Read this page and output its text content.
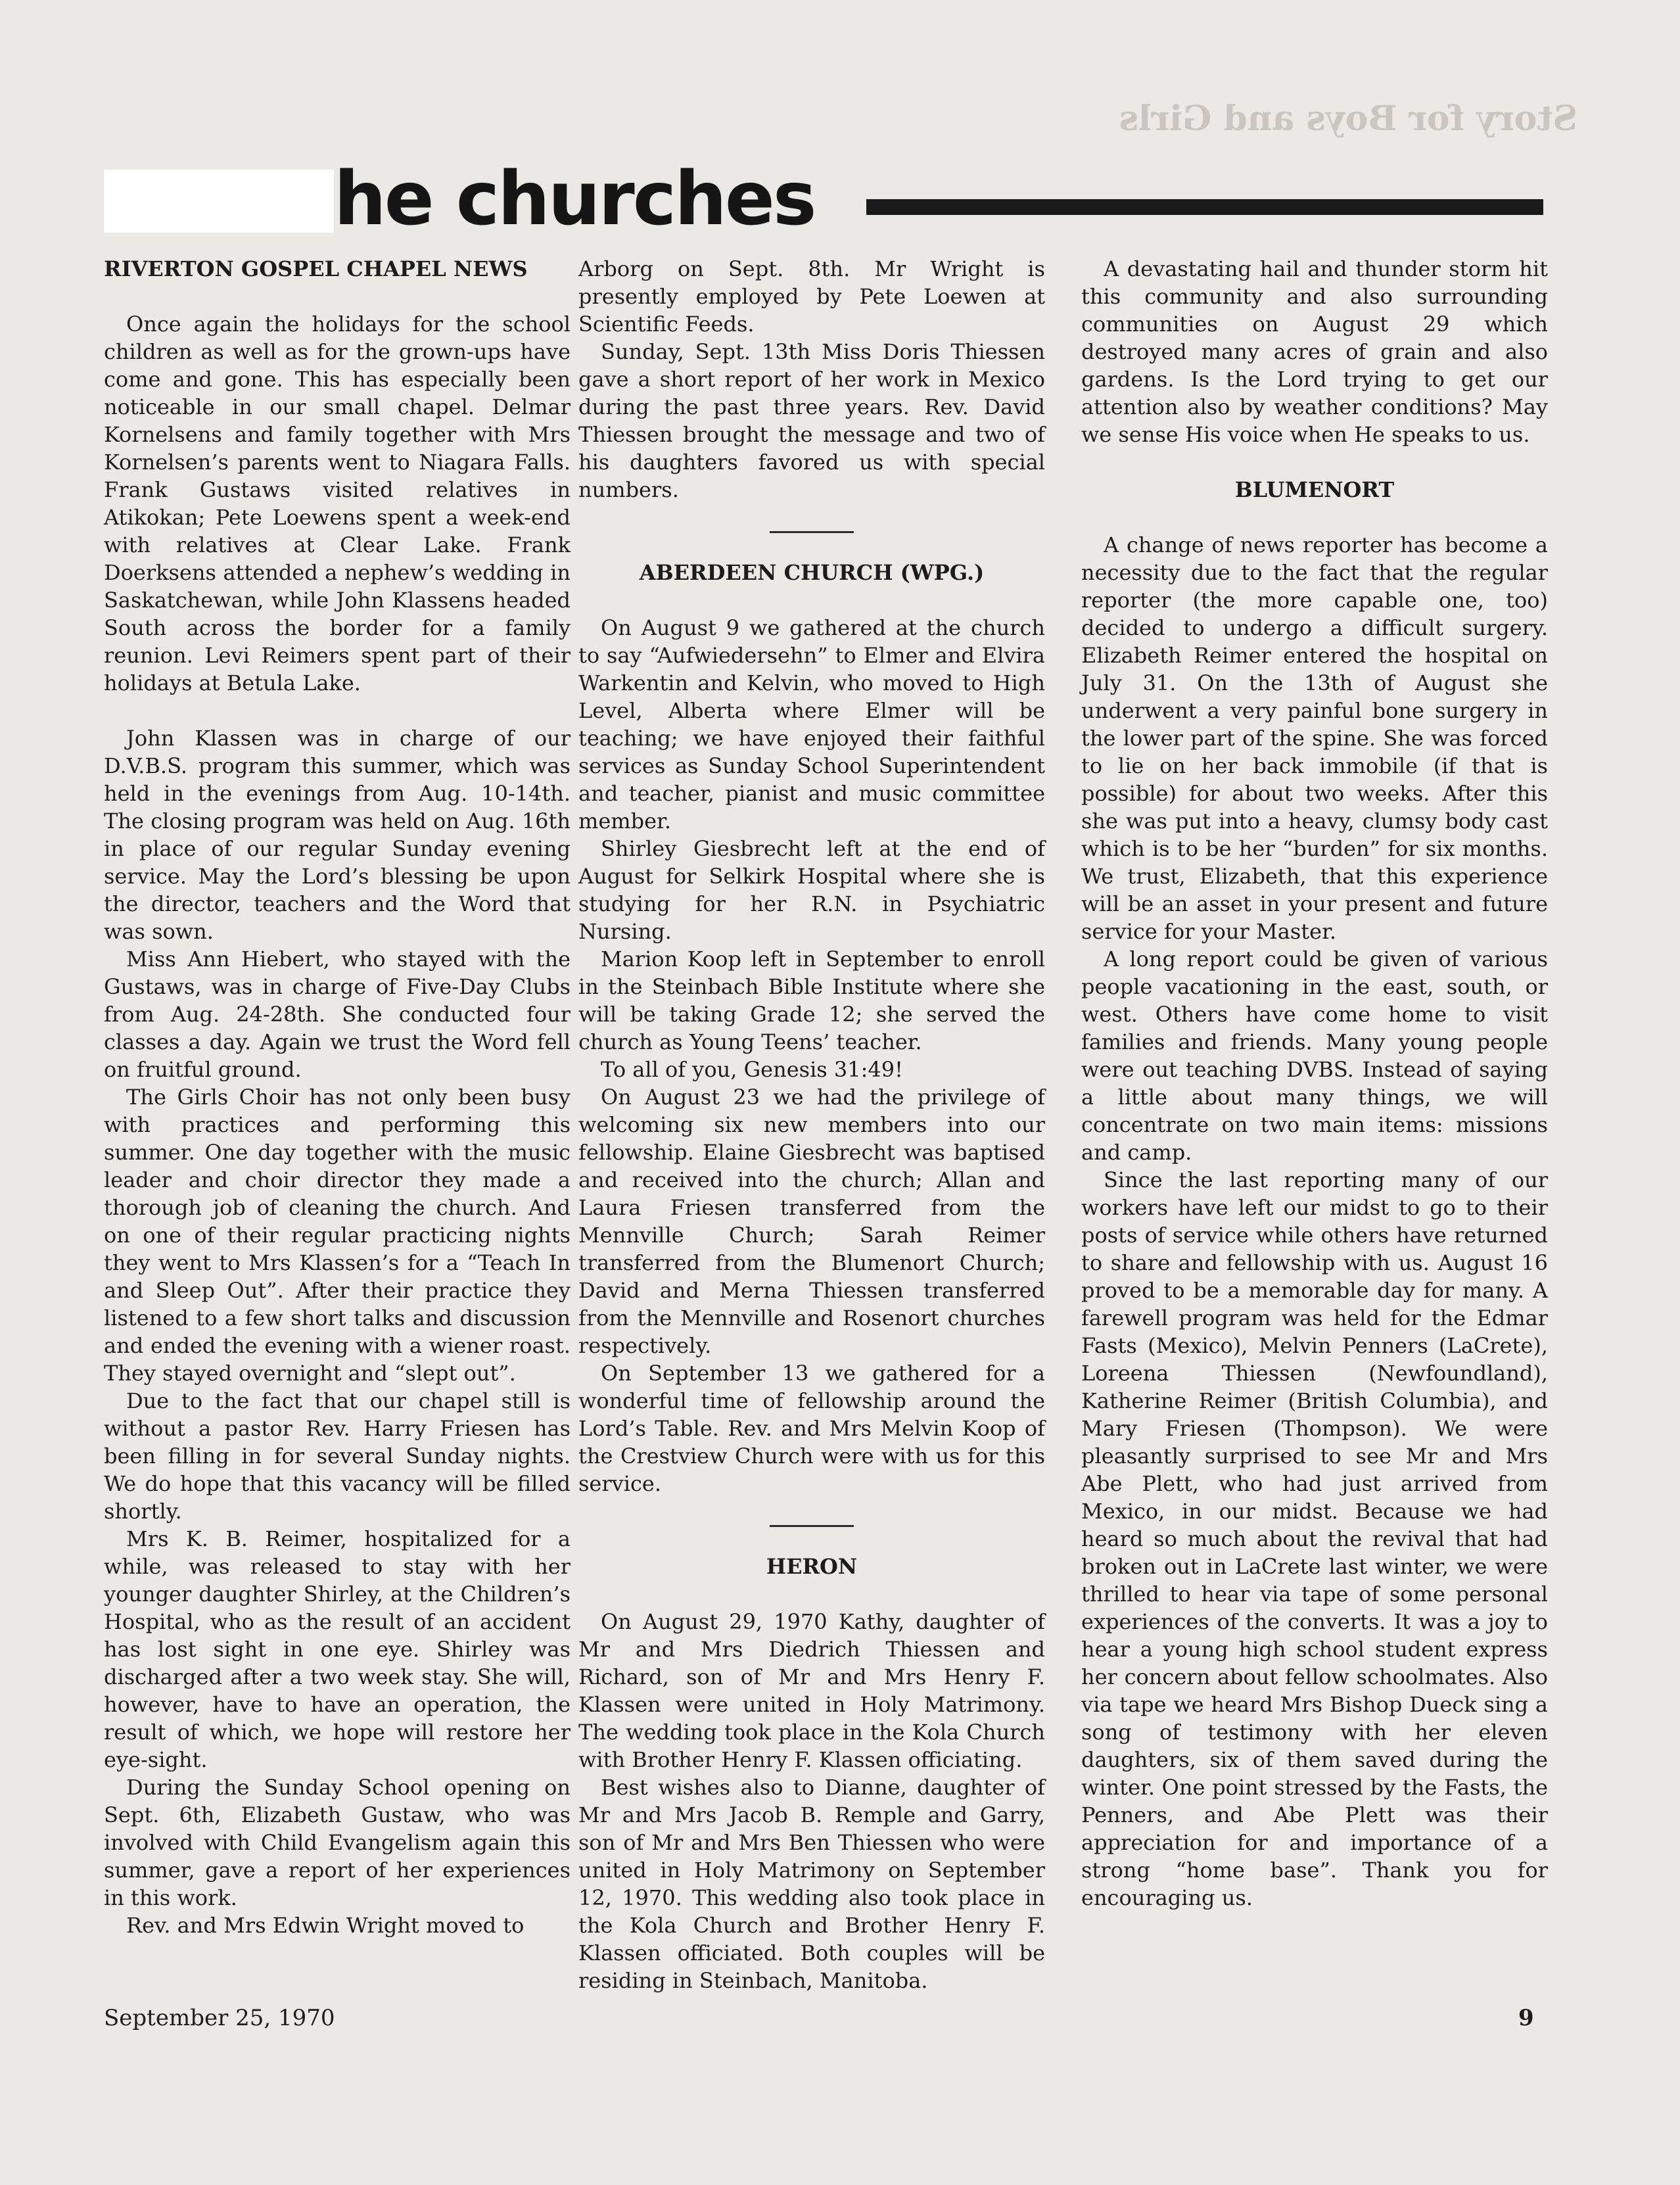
Story for Boys and Girls
he churches
RIVERTON GOSPEL CHAPEL NEWS

Once again the holidays for the school children as well as for the grown-ups have come and gone. This has especially been noticeable in our small chapel. Delmar Kornelsens and family together with Mrs Kornelsen’s parents went to Niagara Falls. Frank Gustaws visited relatives in Atikokan; Pete Loewens spent a week-end with relatives at Clear Lake. Frank Doerksens attended a nephew’s wedding in Saskatchewan, while John Klassens headed South across the border for a family reunion. Levi Reimers spent part of their holidays at Betula Lake.

John Klassen was in charge of our D.V.B.S. program this summer, which was held in the evenings from Aug. 10-14th. The closing program was held on Aug. 16th in place of our regular Sunday evening service. May the Lord’s blessing be upon the director, teachers and the Word that was sown.

Miss Ann Hiebert, who stayed with the Gustaws, was in charge of Five-Day Clubs from Aug. 24-28th. She conducted four classes a day. Again we trust the Word fell on fruitful ground.

The Girls Choir has not only been busy with practices and performing this summer. One day together with the music leader and choir director they made a thorough job of cleaning the church. And on one of their regular practicing nights they went to Mrs Klassen’s for a “Teach In and Sleep Out”. After their practice they listened to a few short talks and discussion and ended the evening with a wiener roast. They stayed overnight and “slept out”.

Due to the fact that our chapel still is without a pastor Rev. Harry Friesen has been filling in for several Sunday nights. We do hope that this vacancy will be filled shortly.

Mrs K. B. Reimer, hospitalized for a while, was released to stay with her younger daughter Shirley, at the Children’s Hospital, who as the result of an accident has lost sight in one eye. Shirley was discharged after a two week stay. She will, however, have to have an operation, the result of which, we hope will restore her eye-sight.

During the Sunday School opening on Sept. 6th, Elizabeth Gustaw, who was involved with Child Evangelism again this summer, gave a report of her experiences in this work.

Rev. and Mrs Edwin Wright moved to

Arborg on Sept. 8th. Mr Wright is presently employed by Pete Loewen at Scientific Feeds.

Sunday, Sept. 13th Miss Doris Thiessen gave a short report of her work in Mexico during the past three years. Rev. David Thiessen brought the message and two of his daughters favored us with special numbers.

ABERDEEN CHURCH (WPG.)

On August 9 we gathered at the church to say “Aufwiedersehn” to Elmer and Elvira Warkentin and Kelvin, who moved to High Level, Alberta where Elmer will be teaching; we have enjoyed their faithful services as Sunday School Superintendent and teacher, pianist and music committee member.

Shirley Giesbrecht left at the end of August for Selkirk Hospital where she is studying for her R.N. in Psychiatric Nursing.

Marion Koop left in September to enroll in the Steinbach Bible Institute where she will be taking Grade 12; she served the church as Young Teens’ teacher.

To all of you, Genesis 31:49!

On August 23 we had the privilege of welcoming six new members into our fellowship. Elaine Giesbrecht was baptised and received into the church; Allan and Laura Friesen transferred from the Mennville Church; Sarah Reimer transferred from the Blumenort Church; David and Merna Thiessen transferred from the Mennville and Rosenort churches respectively.

On September 13 we gathered for a wonderful time of fellowship around the Lord’s Table. Rev. and Mrs Melvin Koop of the Crestview Church were with us for this service.

HERON

On August 29, 1970 Kathy, daughter of Mr and Mrs Diedrich Thiessen and Richard, son of Mr and Mrs Henry F. Klassen were united in Holy Matrimony. The wedding took place in the Kola Church with Brother Henry F. Klassen officiating.

Best wishes also to Dianne, daughter of Mr and Mrs Jacob B. Remple and Garry, son of Mr and Mrs Ben Thiessen who were united in Holy Matrimony on September 12, 1970. This wedding also took place in the Kola Church and Brother Henry F. Klassen officiated. Both couples will be residing in Steinbach, Manitoba.

A devastating hail and thunder storm hit this community and also surrounding communities on August 29 which destroyed many acres of grain and also gardens. Is the Lord trying to get our attention also by weather conditions? May we sense His voice when He speaks to us.

BLUMENORT

A change of news reporter has become a necessity due to the fact that the regular reporter (the more capable one, too) decided to undergo a difficult surgery. Elizabeth Reimer entered the hospital on July 31. On the 13th of August she underwent a very painful bone surgery in the lower part of the spine. She was forced to lie on her back immobile (if that is possible) for about two weeks. After this she was put into a heavy, clumsy body cast which is to be her “burden” for six months. We trust, Elizabeth, that this experience will be an asset in your present and future service for your Master.

A long report could be given of various people vacationing in the east, south, or west. Others have come home to visit families and friends. Many young people were out teaching DVBS. Instead of saying a little about many things, we will concentrate on two main items: missions and camp.

Since the last reporting many of our workers have left our midst to go to their posts of service while others have returned to share and fellowship with us. August 16 proved to be a memorable day for many. A farewell program was held for the Edmar Fasts (Mexico), Melvin Penners (LaCrete), Loreena Thiessen (Newfoundland), Katherine Reimer (British Columbia), and Mary Friesen (Thompson). We were pleasantly surprised to see Mr and Mrs Abe Plett, who had just arrived from Mexico, in our midst. Because we had heard so much about the revival that had broken out in LaCrete last winter, we were thrilled to hear via tape of some personal experiences of the converts. It was a joy to hear a young high school student express her concern about fellow schoolmates. Also via tape we heard Mrs Bishop Dueck sing a song of testimony with her eleven daughters, six of them saved during the winter. One point stressed by the Fasts, the Penners, and Abe Plett was their appreciation for and importance of a strong “home base”. Thank you for encouraging us.

September 25, 1970	9
